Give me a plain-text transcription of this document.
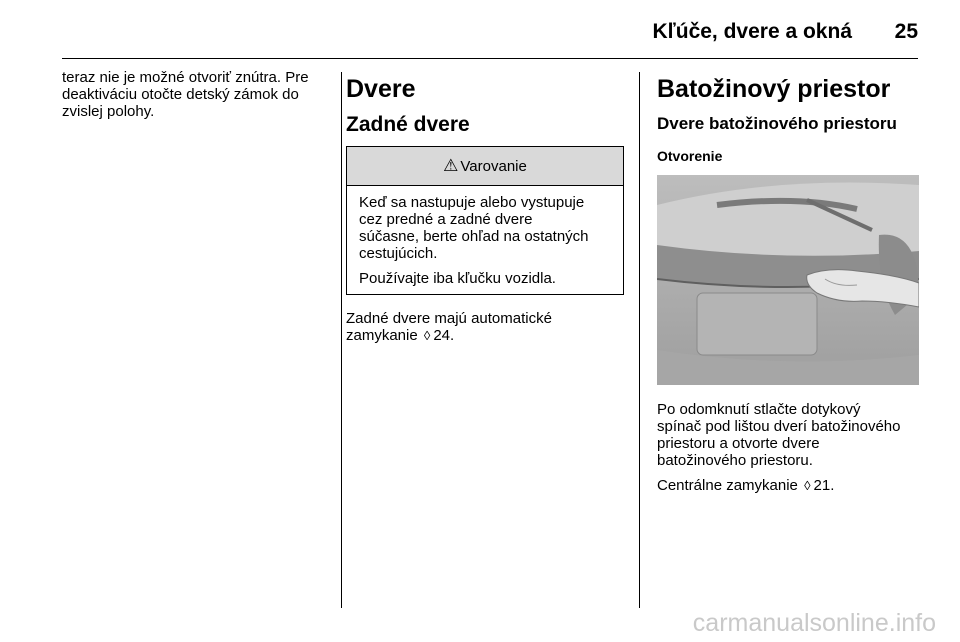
Kľúče, dvere a okná 25

teraz nie je možné otvoriť znútra. Pre
deaktiváciu otočte detský zámok do
zvislej polohy.

Dvere
Zadné dvere
⚠ Varovanie

Keď sa nastupuje alebo vystupuje
cez predné a zadné dvere
súčasne, berte ohľad na ostatných
cestujúcich.

Používajte iba kľučku vozidla.

Zadné dvere majú automatické
zamykanie ◊ 24.

Batožinový priestor
Dvere batožinového priestoru
Otvorenie

Po odomknutí stlačte dotykový
spínač pod lištou dverí batožinového
priestoru a otvorte dvere
batožinového priestoru.

Centrálne zamykanie ◊ 21.

carmanualsonline.info
